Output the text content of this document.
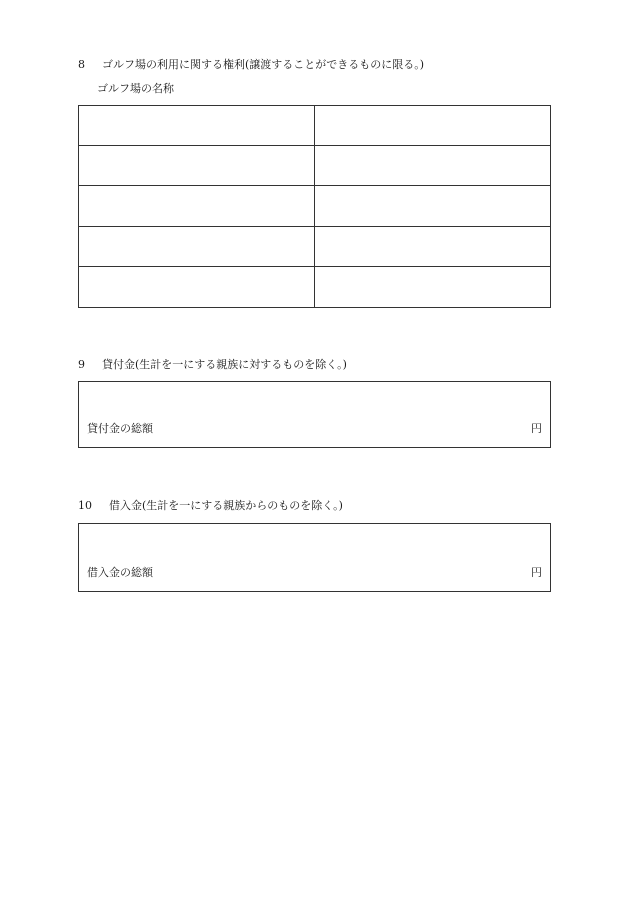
8 ゴルフ場の利用に関する権利(譲渡することができるものに限る。)
ゴルフ場の名称
9 貸付金(生計を一にする親族に対するものを除く。)
貸付金の総額	円
10 借入金(生計を一にする親族からのものを除く。)
借入金の総額	円
